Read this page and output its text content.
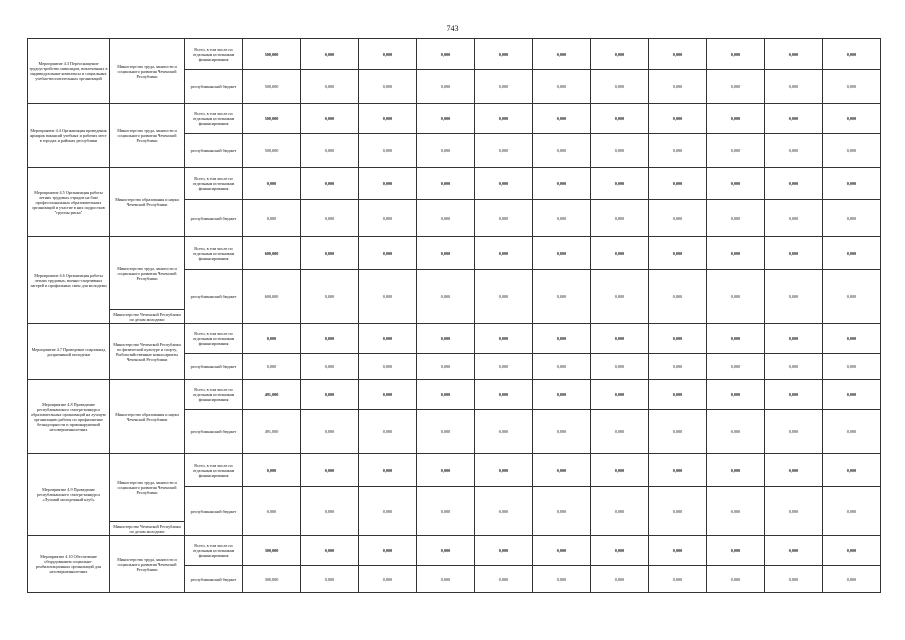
743
Мероприятие 4.3 Переоснащение трудоустройство инвалидов, вовлеченных в индивидуальные комплексы и социальных учебно-воспитательных организаций	Министерство труда, занятости и социального развития Чеченской Республики	Всего, в том числе по отдельным источникам финансирования	500,000	0,000	0,000	0,000	0,000	0,000	0,000	0,000	0,000	0,000	0,000
		республиканский бюджет	500,000	0,000	0,000	0,000	0,000	0,000	0,000	0,000	0,000	0,000	0,000
Мероприятие 4.4 Организация проведения ярмарок вакансий учебных и рабочих мест в городах и районах республики	Министерство труда, занятости и социального развития Чеченской Республики	Всего, в том числе по отдельным источникам финансирования	500,000	0,000	0,000	0,000	0,000	0,000	0,000	0,000	0,000	0,000	0,000
		республиканский бюджет	500,000	0,000	0,000	0,000	0,000	0,000	0,000	0,000	0,000	0,000	0,000
Мероприятие 4.5 Организация работы летних трудовых отрядов на базе профессиональных образовательных организаций и участие в них подростков "группы риска"	Министерство образования и науки Чеченской Республики	Всего, в том числе по отдельным источникам финансирования	0,000	0,000	0,000	0,000	0,000	0,000	0,000	0,000	0,000	0,000	0,000
		республиканский бюджет	0,000	0,000	0,000	0,000	0,000	0,000	0,000	0,000	0,000	0,000	0,000
Мероприятие 4.6 Организация работы летних трудовых, военно-спортивных лагерей и профильных смен для молодежи	Министерство труда, занятости и социального развития Чеченской Республики	Всего, в том числе по отдельным источникам финансирования	600,000	0,000	0,000	0,000	0,000	0,000	0,000	0,000	0,000	0,000	0,000
		республиканский бюджет	600,000	0,000	0,000	0,000	0,000	0,000	0,000	0,000	0,000	0,000	0,000
	Министерство Чеченской Республики по делам молодежи												
Мероприятие 4.7 Проведение спартакиад допризывной молодежи	Министерство Чеченской Республики по физической культуре и спорту, Рыбохозяйственные комиссариаты Чеченской Республики	Всего, в том числе по отдельным источникам финансирования	0,000	0,000	0,000	0,000	0,000	0,000	0,000	0,000	0,000	0,000	0,000
		республиканский бюджет	0,000	0,000	0,000	0,000	0,000	0,000	0,000	0,000	0,000	0,000	0,000
Мероприятие 4.8 Проведение республиканского смотра-конкурса образовательных организаций на лучшую организацию работы по профилактике безнадзорности и правонарушений несовершеннолетних	Министерство образования и науки Чеченской Республики	Всего, в том числе по отдельным источникам финансирования	491,000	0,000	0,000	0,000	0,000	0,000	0,000	0,000	0,000	0,000	0,000
		республиканский бюджет	491,000	0,000	0,000	0,000	0,000	0,000	0,000	0,000	0,000	0,000	0,000
Мероприятие 4.9 Проведение республиканского смотра-конкурса «Лучший молодежный клуб»	Министерство труда, занятости и социального развития Чеченской Республики	Всего, в том числе по отдельным источникам финансирования	0,000	0,000	0,000	0,000	0,000	0,000	0,000	0,000	0,000	0,000	0,000
		республиканский бюджет	0,000	0,000	0,000	0,000	0,000	0,000	0,000	0,000	0,000	0,000	0,000
	Министерство Чеченской Республики по делам молодежи												
Мероприятие 4.10 Обеспечение оборудованием социально-реабилитационных организаций для несовершеннолетних	Министерство труда, занятости и социального развития Чеченской Республики	Всего, в том числе по отдельным источникам финансирования	300,000	0,000	0,000	0,000	0,000	0,000	0,000	0,000	0,000	0,000	0,000
		республиканский бюджет	300,000	0,000	0,000	0,000	0,000	0,000	0,000	0,000	0,000	0,000	0,000
